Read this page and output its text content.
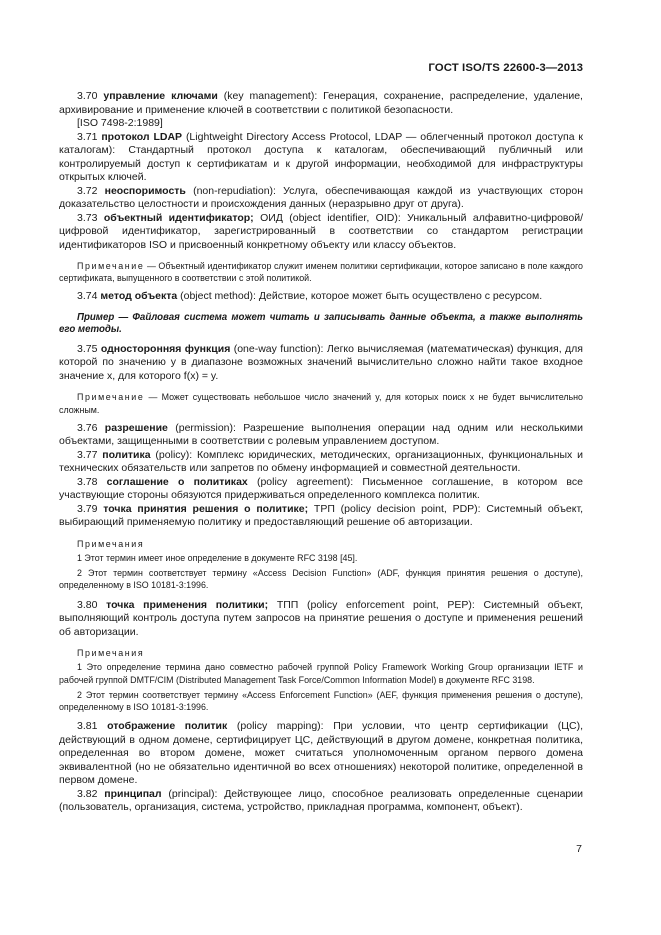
ГОСТ ISO/TS 22600-3—2013

3.70 управление ключами (key management): Генерация, сохранение, распределение, удаление, архивирование и применение ключей в соответствии с политикой безопасности.

[ISO 7498-2:1989]

3.71 протокол LDAP (Lightweight Directory Access Protocol, LDAP — облегченный протокол доступа к каталогам): Стандартный протокол доступа к каталогам, обеспечивающий публичный или контролируемый доступ к сертификатам и к другой информации, необходимой для инфраструктуры открытых ключей.

3.72 неоспоримость (non-repudiation): Услуга, обеспечивающая каждой из участвующих сторон доказательство целостности и происхождения данных (неразрывно друг от друга).

3.73 объектный идентификатор; ОИД (object identifier, OID): Уникальный алфавитно-цифровой/цифровой идентификатор, зарегистрированный в соответствии со стандартом регистрации идентификаторов ISO и присвоенный конкретному объекту или классу объектов.

Примечание — Объектный идентификатор служит именем политики сертификации, которое записано в поле каждого сертификата, выпущенного в соответствии с этой политикой.

3.74 метод объекта (object method): Действие, которое может быть осуществлено с ресурсом.

Пример — Файловая система может читать и записывать данные объекта, а также выполнять его методы.

3.75 односторонняя функция (one-way function): Легко вычисляемая (математическая) функция, для которой по значению y в диапазоне возможных значений вычислительно сложно найти такое входное значение x, для которого f(x) = y.

Примечание — Может существовать небольшое число значений y, для которых поиск x не будет вычислительно сложным.

3.76 разрешение (permission): Разрешение выполнения операции над одним или несколькими объектами, защищенными в соответствии с ролевым управлением доступом.

3.77 политика (policy): Комплекс юридических, методических, организационных, функциональных и технических обязательств или запретов по обмену информацией и совместной деятельности.

3.78 соглашение о политиках (policy agreement): Письменное соглашение, в котором все участвующие стороны обязуются придерживаться определенного комплекса политик.

3.79 точка принятия решения о политике; ТРП (policy decision point, PDP): Системный объект, выбирающий применяемую политику и предоставляющий решение об авторизации.

Примечания

1 Этот термин имеет иное определение в документе RFC 3198 [45].

2 Этот термин соответствует термину «Access Decision Function» (ADF, функция принятия решения о доступе), определенному в ISO 10181-3:1996.

3.80 точка применения политики; ТПП (policy enforcement point, PEP): Системный объект, выполняющий контроль доступа путем запросов на принятие решения о доступе и применения решений об авторизации.

Примечания

1 Это определение термина дано совместно рабочей группой Policy Framework Working Group организации IETF и рабочей группой DMTF/CIM (Distributed Management Task Force/Common Information Model) в документе RFC 3198.

2 Этот термин соответствует термину «Access Enforcement Function» (AEF, функция применения решения о доступе), определенному в ISO 10181-3:1996.

3.81 отображение политик (policy mapping): При условии, что центр сертификации (ЦС), действующий в одном домене, сертифицирует ЦС, действующий в другом домене, конкретная политика, определенная во втором домене, может считаться уполномоченным органом первого домена эквивалентной (но не обязательно идентичной во всех отношениях) некоторой политике, определенной в первом домене.

3.82 принципал (principal): Действующее лицо, способное реализовать определенные сценарии (пользователь, организация, система, устройство, прикладная программа, компонент, объект).

7
